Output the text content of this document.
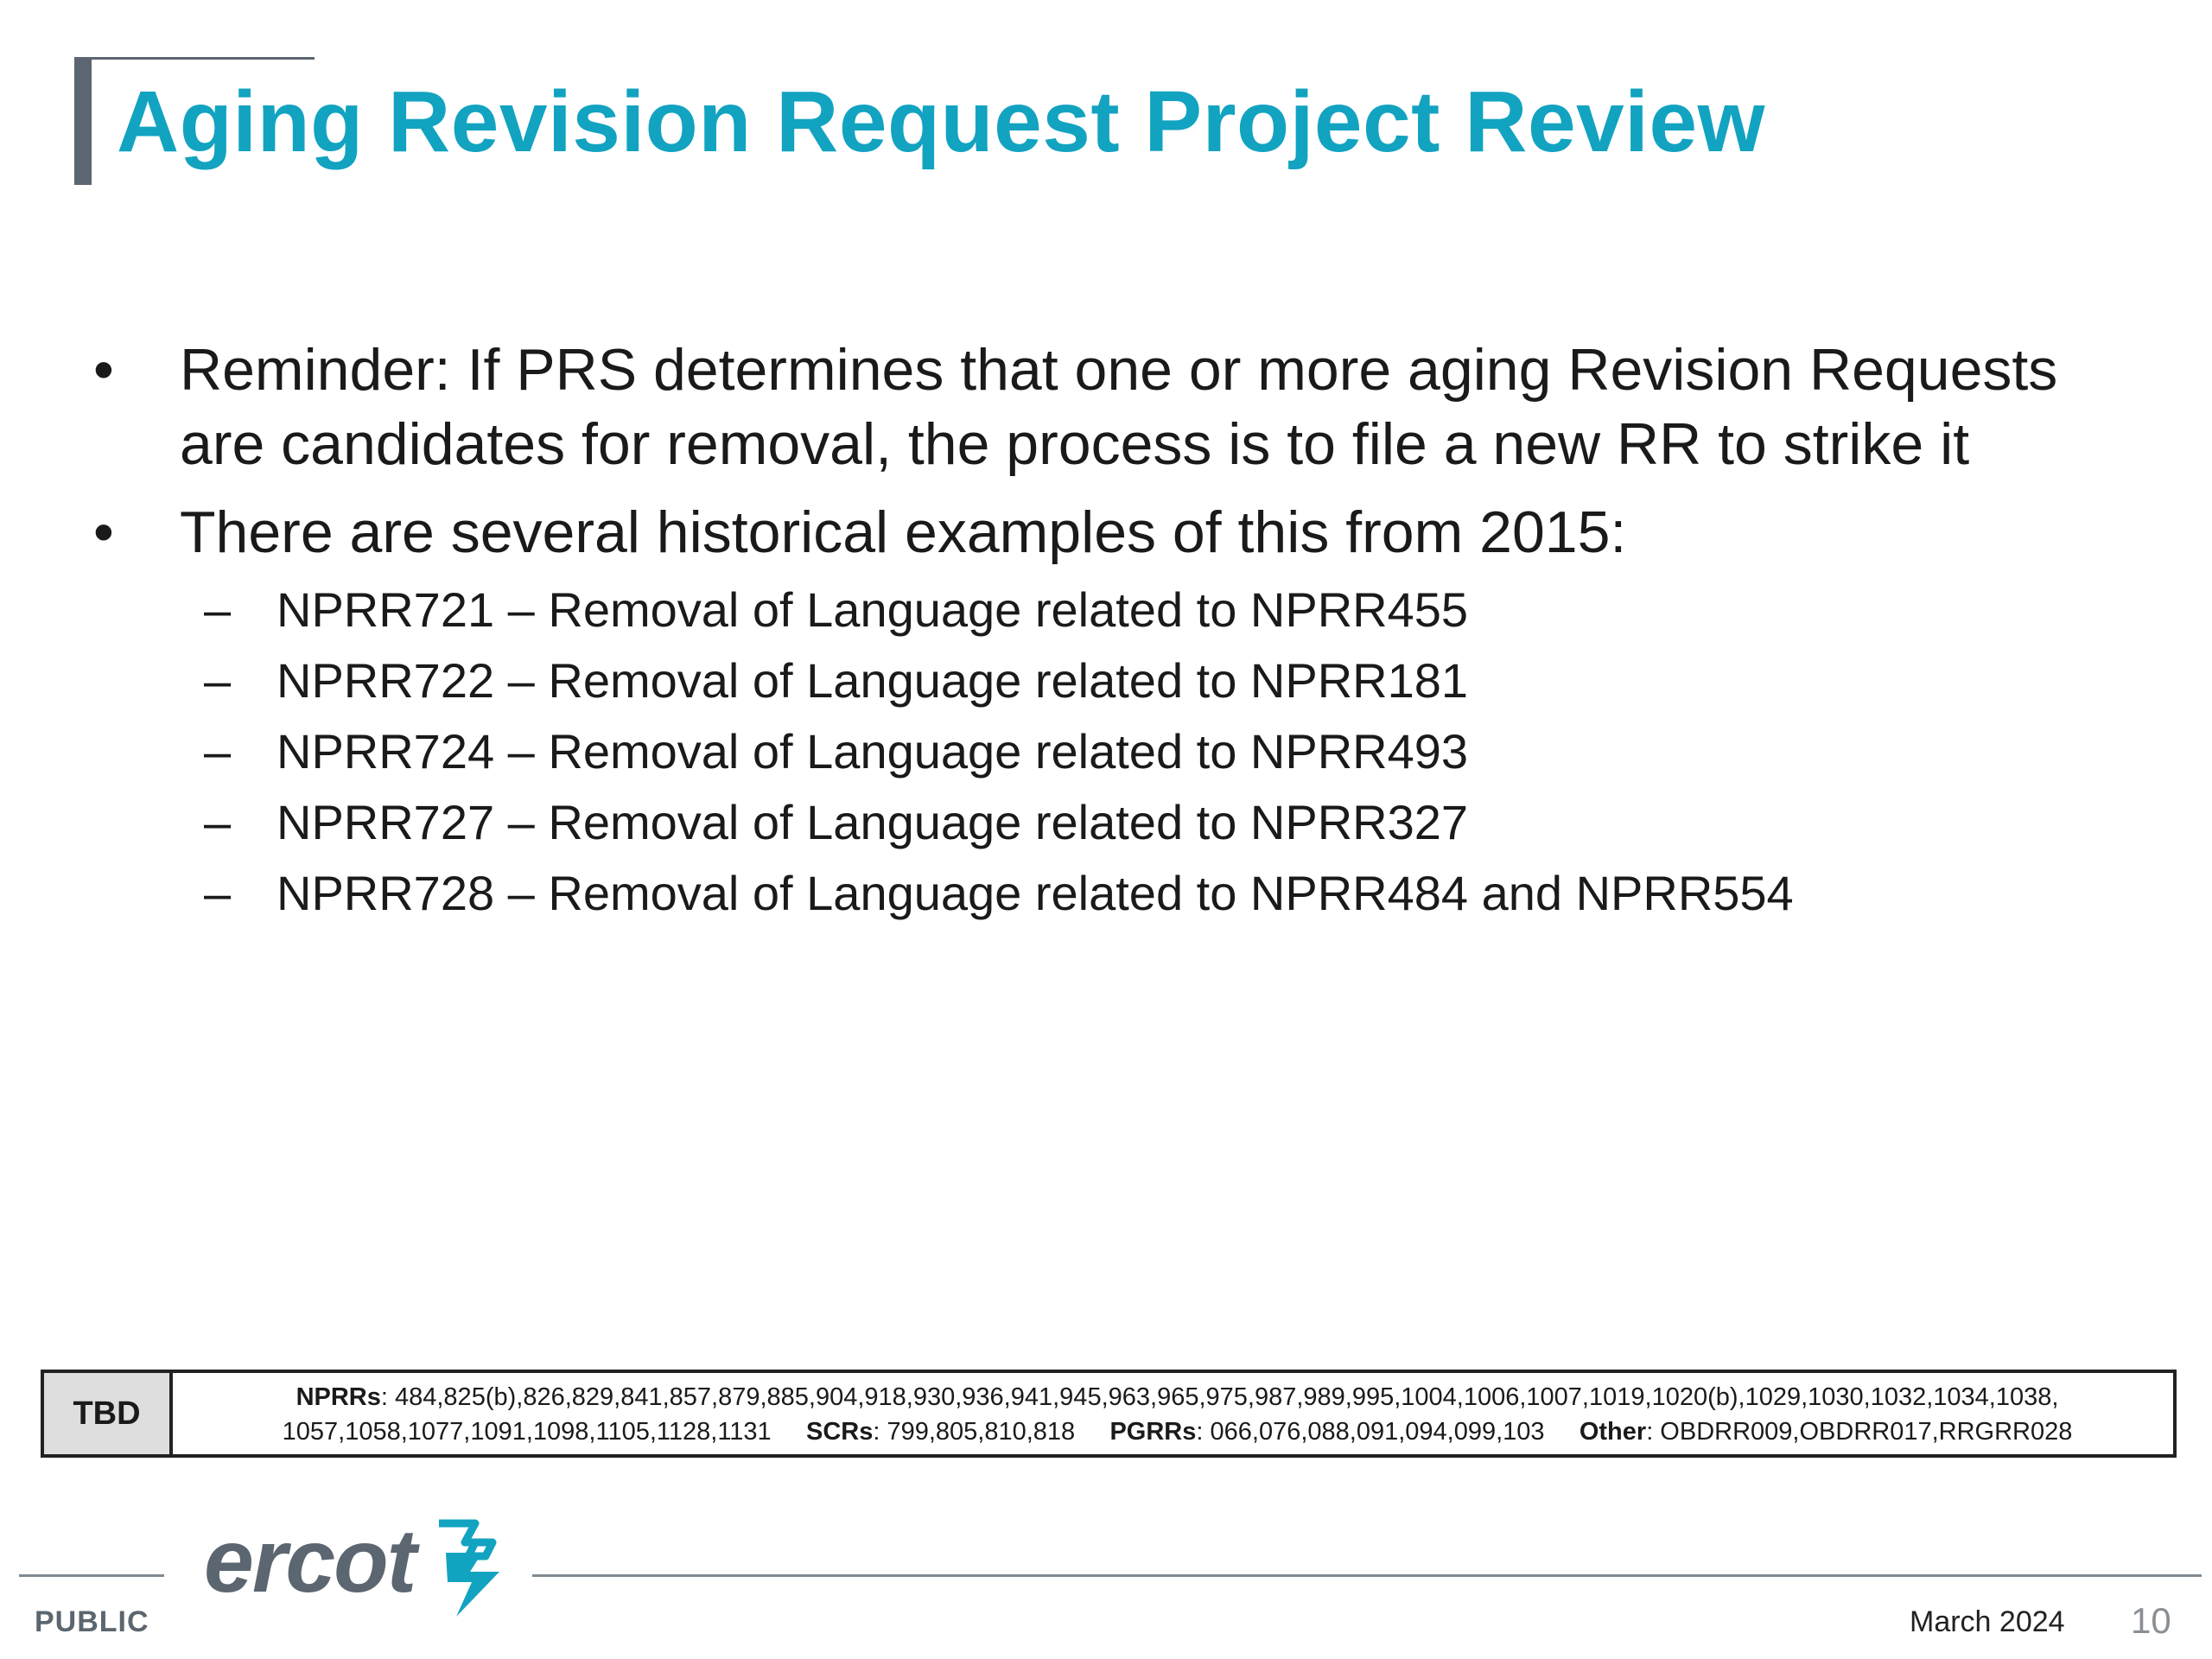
Aging Revision Request Project Review
• Reminder: If PRS determines that one or more aging Revision Requests are candidates for removal, the process is to file a new RR to strike it
• There are several historical examples of this from 2015:
– NPRR721 – Removal of Language related to NPRR455
– NPRR722 – Removal of Language related to NPRR181
– NPRR724 – Removal of Language related to NPRR493
– NPRR727 – Removal of Language related to NPRR327
– NPRR728 – Removal of Language related to NPRR484 and NPRR554
TBD	NPRRs: 484,825(b),826,829,841,857,879,885,904,918,930,936,941,945,963,965,975,987,989,995,1004,1006,1007,1019,1020(b),1029,1030,1032,1034,1038,
1057,1058,1077,1091,1098,1105,1128,1131 SCRs: 799,805,810,818 PGRRs: 066,076,088,091,094,099,103 Other: OBDRR009,OBDRR017,RRGRR028
ercot
PUBLIC	March 2024 10
